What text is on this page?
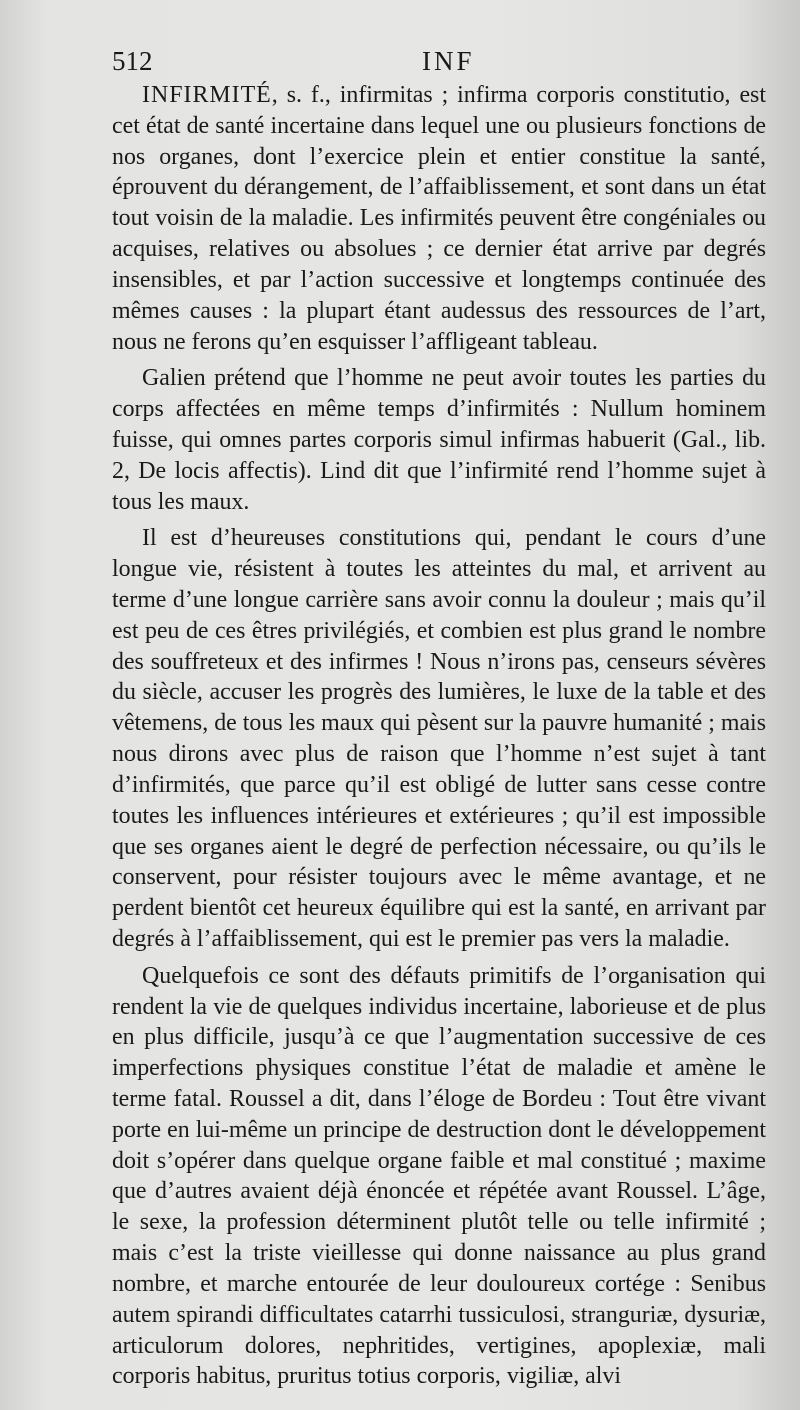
512	INF

INFIRMITÉ, s. f., infirmitas ; infirma corporis constitutio, est cet état de santé incertaine dans lequel une ou plusieurs fonctions de nos organes, dont l’exercice plein et entier constitue la santé, éprouvent du dérangement, de l’affaiblissement, et sont dans un état tout voisin de la maladie. Les infirmités peuvent être congéniales ou acquises, relatives ou absolues ; ce dernier état arrive par degrés insensibles, et par l’action successive et longtemps continuée des mêmes causes : la plupart étant audessus des ressources de l’art, nous ne ferons qu’en esquisser l’affligeant tableau.

Galien prétend que l’homme ne peut avoir toutes les parties du corps affectées en même temps d’infirmités : Nullum hominem fuisse, qui omnes partes corporis simul infirmas habuerit (Gal., lib. 2, De locis affectis). Lind dit que l’infirmité rend l’homme sujet à tous les maux.

Il est d’heureuses constitutions qui, pendant le cours d’une longue vie, résistent à toutes les atteintes du mal, et arrivent au terme d’une longue carrière sans avoir connu la douleur ; mais qu’il est peu de ces êtres privilégiés, et combien est plus grand le nombre des souffreteux et des infirmes ! Nous n’irons pas, censeurs sévères du siècle, accuser les progrès des lumières, le luxe de la table et des vêtemens, de tous les maux qui pèsent sur la pauvre humanité ; mais nous dirons avec plus de raison que l’homme n’est sujet à tant d’infirmités, que parce qu’il est obligé de lutter sans cesse contre toutes les influences intérieures et extérieures ; qu’il est impossible que ses organes aient le degré de perfection nécessaire, ou qu’ils le conservent, pour résister toujours avec le même avantage, et ne perdent bientôt cet heureux équilibre qui est la santé, en arrivant par degrés à l’affaiblissement, qui est le premier pas vers la maladie.

Quelquefois ce sont des défauts primitifs de l’organisation qui rendent la vie de quelques individus incertaine, laborieuse et de plus en plus difficile, jusqu’à ce que l’augmentation successive de ces imperfections physiques constitue l’état de maladie et amène le terme fatal. Roussel a dit, dans l’éloge de Bordeu : Tout être vivant porte en lui-même un principe de destruction dont le développement doit s’opérer dans quelque organe faible et mal constitué ; maxime que d’autres avaient déjà énoncée et répétée avant Roussel. L’âge, le sexe, la profession déterminent plutôt telle ou telle infirmité ; mais c’est la triste vieillesse qui donne naissance au plus grand nombre, et marche entourée de leur douloureux cortége : Senibus autem spirandi difficultates catarrhi tussiculosi, stranguriæ, dysuriæ, articulorum dolores, nephritides, vertigines, apoplexiæ, mali corporis habitus, pruritus totius corporis, vigiliæ, alvi
